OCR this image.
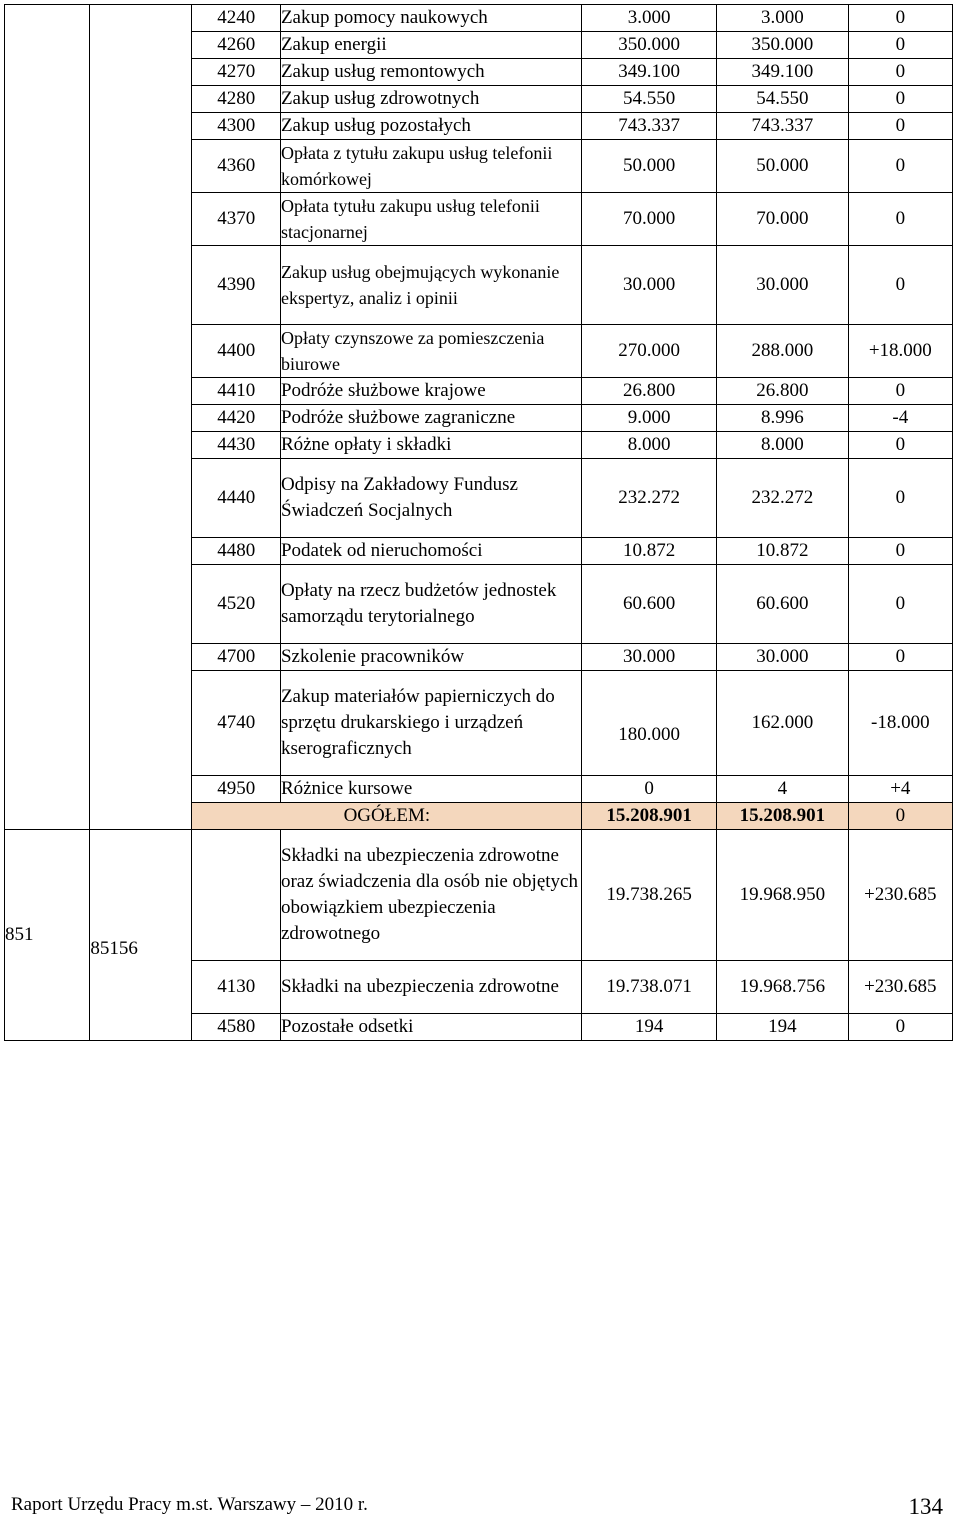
		4240	Zakup pomocy naukowych	3.000	3.000	0
		4260	Zakup energii	350.000	350.000	0
		4270	Zakup usług remontowych	349.100	349.100	0
		4280	Zakup usług zdrowotnych	54.550	54.550	0
		4300	Zakup usług pozostałych	743.337	743.337	0
		4360	Opłata z tytułu zakupu usług telefonii komórkowej	50.000	50.000	0
		4370	Opłata tytułu zakupu usług telefonii stacjonarnej	70.000	70.000	0
		4390	Zakup usług obejmujących wykonanie ekspertyz, analiz i opinii	30.000	30.000	0
		4400	Opłaty czynszowe za pomieszczenia biurowe	270.000	288.000	+18.000
		4410	Podróże służbowe krajowe	26.800	26.800	0
		4420	Podróże służbowe zagraniczne	9.000	8.996	-4
		4430	Różne opłaty i składki	8.000	8.000	0
		4440	Odpisy na Zakładowy Fundusz Świadczeń Socjalnych	232.272	232.272	0
		4480	Podatek od nieruchomości	10.872	10.872	0
		4520	Opłaty na rzecz budżetów jednostek samorządu terytorialnego	60.600	60.600	0
		4700	Szkolenie pracowników	30.000	30.000	0
		4740	Zakup materiałów papierniczych do sprzętu drukarskiego i urządzeń kserograficznych	180.000	162.000	-18.000
		4950	Różnice kursowe	0	4	+4
		OGÓŁEM:		15.208.901	15.208.901	0
851	85156		Składki na ubezpieczenia zdrowotne oraz świadczenia dla osób nie objętych obowiązkiem ubezpieczenia zdrowotnego	19.738.265	19.968.950	+230.685
		4130	Składki na ubezpieczenia zdrowotne	19.738.071	19.968.756	+230.685
		4580	Pozostałe odsetki	194	194	0
Raport Urzędu Pracy m.st. Warszawy – 2010 r.	134
